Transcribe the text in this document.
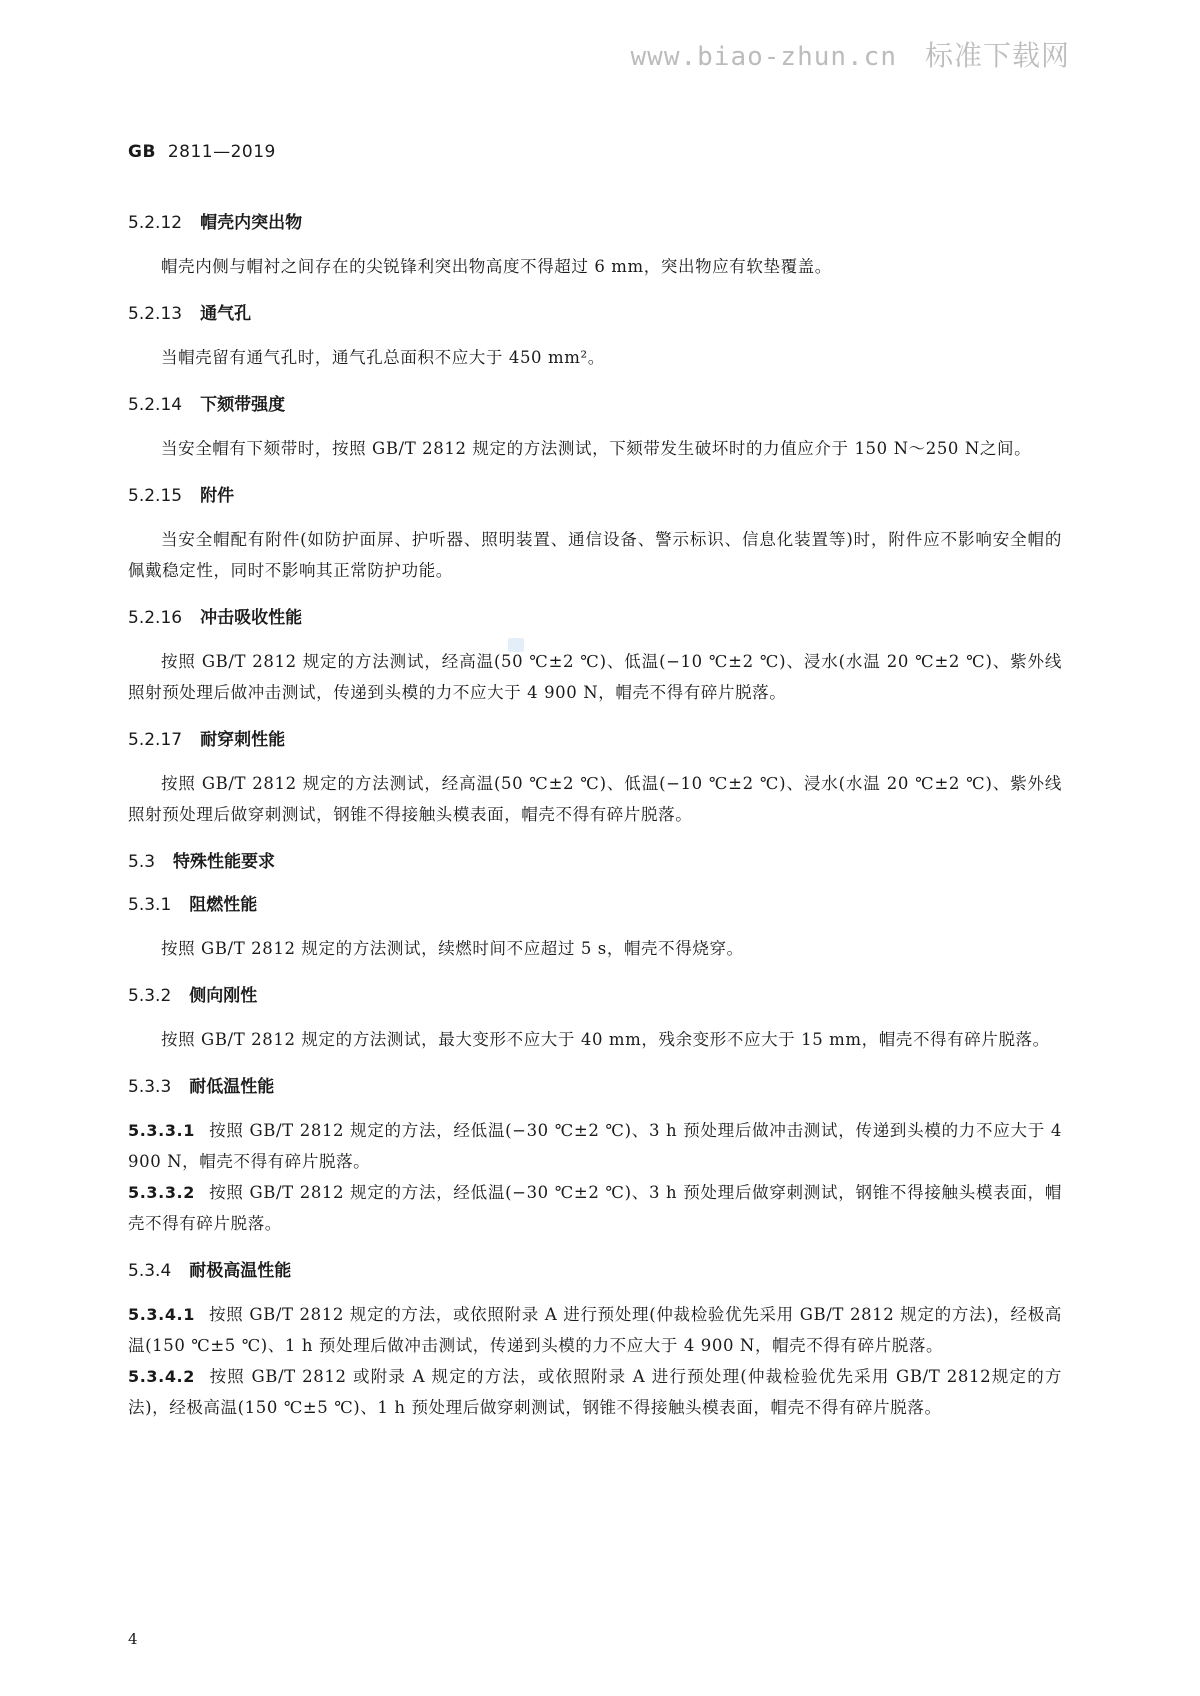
www.biao-zhun.cn 标准下载网
GB 2811—2019
5.2.12 帽壳内突出物

帽壳内侧与帽衬之间存在的尖锐锋利突出物高度不得超过 6 mm，突出物应有软垫覆盖。

5.2.13 通气孔

当帽壳留有通气孔时，通气孔总面积不应大于 450 mm²。

5.2.14 下颏带强度

当安全帽有下颏带时，按照 GB/T 2812 规定的方法测试，下颏带发生破坏时的力值应介于 150 N～250 N之间。

5.2.15 附件

当安全帽配有附件(如防护面屏、护听器、照明装置、通信设备、警示标识、信息化装置等)时，附件应不影响安全帽的佩戴稳定性，同时不影响其正常防护功能。

5.2.16 冲击吸收性能

按照 GB/T 2812 规定的方法测试，经高温(50 ℃±2 ℃)、低温(−10 ℃±2 ℃)、浸水(水温 20 ℃±2 ℃)、紫外线照射预处理后做冲击测试，传递到头模的力不应大于 4 900 N，帽壳不得有碎片脱落。

5.2.17 耐穿刺性能

按照 GB/T 2812 规定的方法测试，经高温(50 ℃±2 ℃)、低温(−10 ℃±2 ℃)、浸水(水温 20 ℃±2 ℃)、紫外线照射预处理后做穿刺测试，钢锥不得接触头模表面，帽壳不得有碎片脱落。

5.3 特殊性能要求
5.3.1 阻燃性能

按照 GB/T 2812 规定的方法测试，续燃时间不应超过 5 s，帽壳不得烧穿。

5.3.2 侧向刚性

按照 GB/T 2812 规定的方法测试，最大变形不应大于 40 mm，残余变形不应大于 15 mm，帽壳不得有碎片脱落。

5.3.3 耐低温性能

5.3.3.1 按照 GB/T 2812 规定的方法，经低温(−30 ℃±2 ℃)、3 h 预处理后做冲击测试，传递到头模的力不应大于 4 900 N，帽壳不得有碎片脱落。

5.3.3.2 按照 GB/T 2812 规定的方法，经低温(−30 ℃±2 ℃)、3 h 预处理后做穿刺测试，钢锥不得接触头模表面，帽壳不得有碎片脱落。

5.3.4 耐极高温性能

5.3.4.1 按照 GB/T 2812 规定的方法，或依照附录 A 进行预处理(仲裁检验优先采用 GB/T 2812 规定的方法)，经极高温(150 ℃±5 ℃)、1 h 预处理后做冲击测试，传递到头模的力不应大于 4 900 N，帽壳不得有碎片脱落。

5.3.4.2 按照 GB/T 2812 或附录 A 规定的方法，或依照附录 A 进行预处理(仲裁检验优先采用 GB/T 2812规定的方法)，经极高温(150 ℃±5 ℃)、1 h 预处理后做穿刺测试，钢锥不得接触头模表面，帽壳不得有碎片脱落。

4
